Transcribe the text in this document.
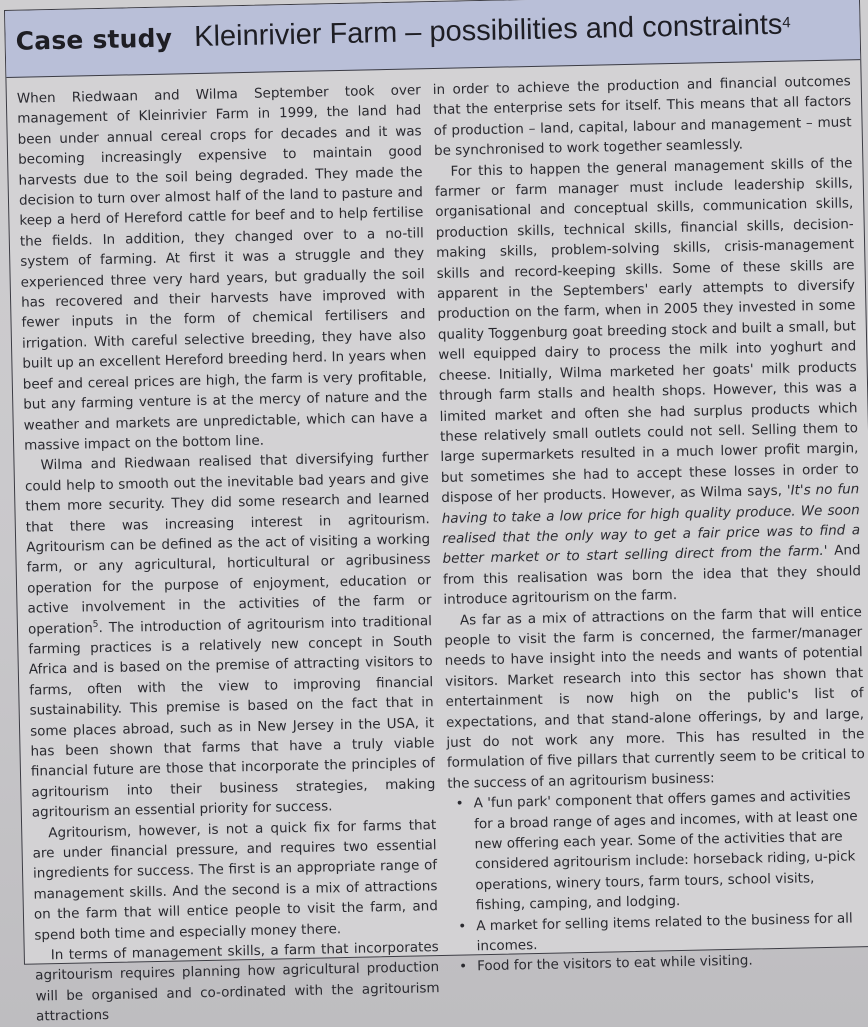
Case study Kleinrivier Farm – possibilities and constraints4

When Riedwaan and Wilma September took over management of Kleinrivier Farm in 1999, the land had been under annual cereal crops for decades and it was becoming increasingly expensive to maintain good harvests due to the soil being degraded. They made the decision to turn over almost half of the land to pasture and keep a herd of Hereford cattle for beef and to help fertilise the fields. In addition, they changed over to a no-till system of farming. At first it was a struggle and they experienced three very hard years, but gradually the soil has recovered and their harvests have improved with fewer inputs in the form of chemical fertilisers and irrigation. With careful selective breeding, they have also built up an excellent Hereford breeding herd. In years when beef and cereal prices are high, the farm is very profitable, but any farming venture is at the mercy of nature and the weather and markets are unpredictable, which can have a massive impact on the bottom line.

Wilma and Riedwaan realised that diversifying further could help to smooth out the inevitable bad years and give them more security. They did some research and learned that there was increasing interest in agritourism. Agritourism can be defined as the act of visiting a working farm, or any agricultural, horticultural or agribusiness operation for the purpose of enjoyment, education or active involvement in the activities of the farm or operation$^5$. The introduction of agritourism into traditional farming practices is a relatively new concept in South Africa and is based on the premise of attracting visitors to farms, often with the view to improving financial sustainability. This premise is based on the fact that in some places abroad, such as in New Jersey in the USA, it has been shown that farms that have a truly viable financial future are those that incorporate the principles of agritourism into their business strategies, making agritourism an essential priority for success.

Agritourism, however, is not a quick fix for farms that are under financial pressure, and requires two essential ingredients for success. The first is an appropriate range of management skills. And the second is a mix of attractions on the farm that will entice people to visit the farm, and spend both time and especially money there.

In terms of management skills, a farm that incorporates agritourism requires planning how agricultural production will be organised and co-ordinated with the agritourism attractions

in order to achieve the production and financial outcomes that the enterprise sets for itself. This means that all factors of production – land, capital, labour and management – must be synchronised to work together seamlessly.

For this to happen the general management skills of the farmer or farm manager must include leadership skills, organisational and conceptual skills, communication skills, production skills, technical skills, financial skills, decision-making skills, problem-solving skills, crisis-management skills and record-keeping skills. Some of these skills are apparent in the Septembers' early attempts to diversify production on the farm, when in 2005 they invested in some quality Toggenburg goat breeding stock and built a small, but well equipped dairy to process the milk into yoghurt and cheese. Initially, Wilma marketed her goats' milk products through farm stalls and health shops. However, this was a limited market and often she had surplus products which these relatively small outlets could not sell. Selling them to large supermarkets resulted in a much lower profit margin, but sometimes she had to accept these losses in order to dispose of her products. However, as Wilma says, 'It's no fun having to take a low price for high quality produce. We soon realised that the only way to get a fair price was to find a better market or to start selling direct from the farm.' And from this realisation was born the idea that they should introduce agritourism on the farm.

As far as a mix of attractions on the farm that will entice people to visit the farm is concerned, the farmer/manager needs to have insight into the needs and wants of potential visitors. Market research into this sector has shown that entertainment is now high on the public's list of expectations, and that stand-alone offerings, by and large, just do not work any more. This has resulted in the formulation of five pillars that currently seem to be critical to the success of an agritourism business:

• A 'fun park' component that offers games and activities for a broad range of ages and incomes, with at least one new offering each year. Some of the activities that are considered agritourism include: horseback riding, u-pick operations, winery tours, farm tours, school visits, fishing, camping, and lodging.
• A market for selling items related to the business for all incomes.
• Food for the visitors to eat while visiting.
